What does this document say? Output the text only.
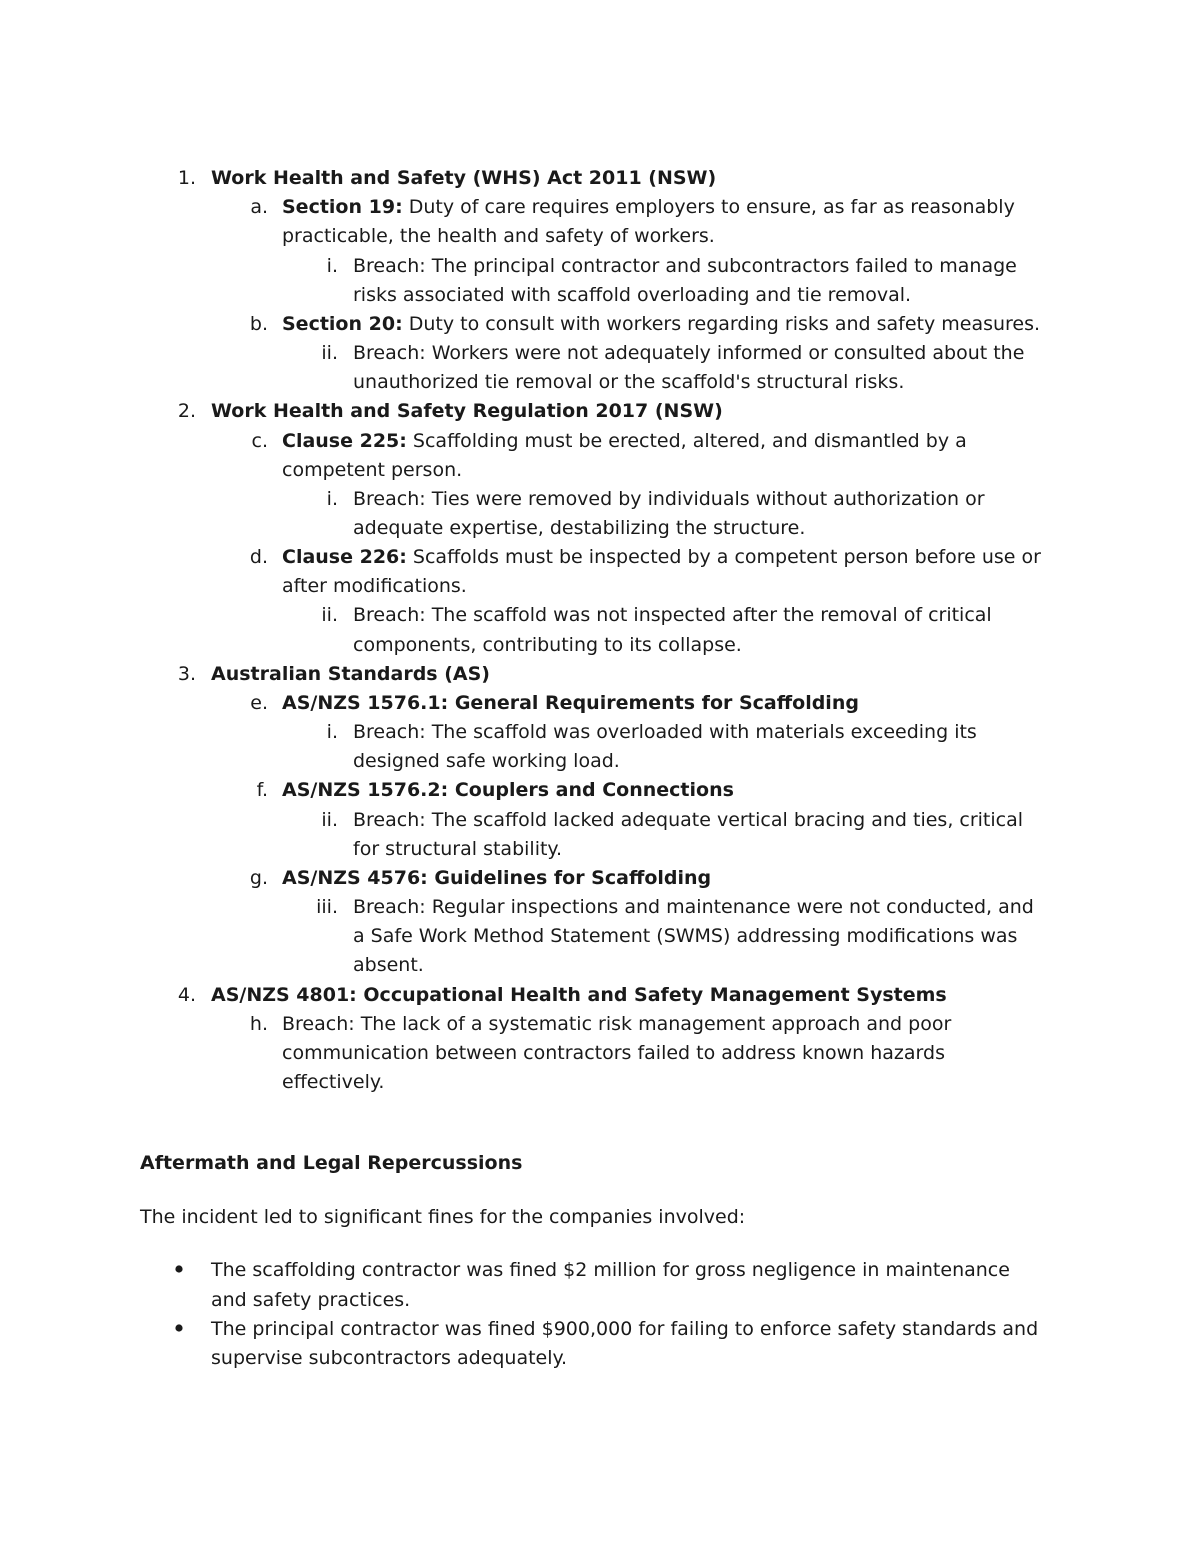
1. Work Health and Safety (WHS) Act 2011 (NSW)
a. Section 19: Duty of care requires employers to ensure, as far as reasonably
practicable, the health and safety of workers.
i. Breach: The principal contractor and subcontractors failed to manage
risks associated with scaffold overloading and tie removal.
b. Section 20: Duty to consult with workers regarding risks and safety measures.
ii. Breach: Workers were not adequately informed or consulted about the
unauthorized tie removal or the scaffold's structural risks.
2. Work Health and Safety Regulation 2017 (NSW)
c. Clause 225: Scaffolding must be erected, altered, and dismantled by a
competent person.
i. Breach: Ties were removed by individuals without authorization or
adequate expertise, destabilizing the structure.
d. Clause 226: Scaffolds must be inspected by a competent person before use or
after modifications.
ii. Breach: The scaffold was not inspected after the removal of critical
components, contributing to its collapse.
3. Australian Standards (AS)
e. AS/NZS 1576.1: General Requirements for Scaffolding
i. Breach: The scaffold was overloaded with materials exceeding its
designed safe working load.
f. AS/NZS 1576.2: Couplers and Connections
ii. Breach: The scaffold lacked adequate vertical bracing and ties, critical
for structural stability.
g. AS/NZS 4576: Guidelines for Scaffolding
iii. Breach: Regular inspections and maintenance were not conducted, and
a Safe Work Method Statement (SWMS) addressing modifications was
absent.
4. AS/NZS 4801: Occupational Health and Safety Management Systems
h. Breach: The lack of a systematic risk management approach and poor
communication between contractors failed to address known hazards
effectively.
Aftermath and Legal Repercussions
The incident led to significant fines for the companies involved:
The scaffolding contractor was fined $2 million for gross negligence in maintenance
and safety practices.
The principal contractor was fined $900,000 for failing to enforce safety standards and
supervise subcontractors adequately.
